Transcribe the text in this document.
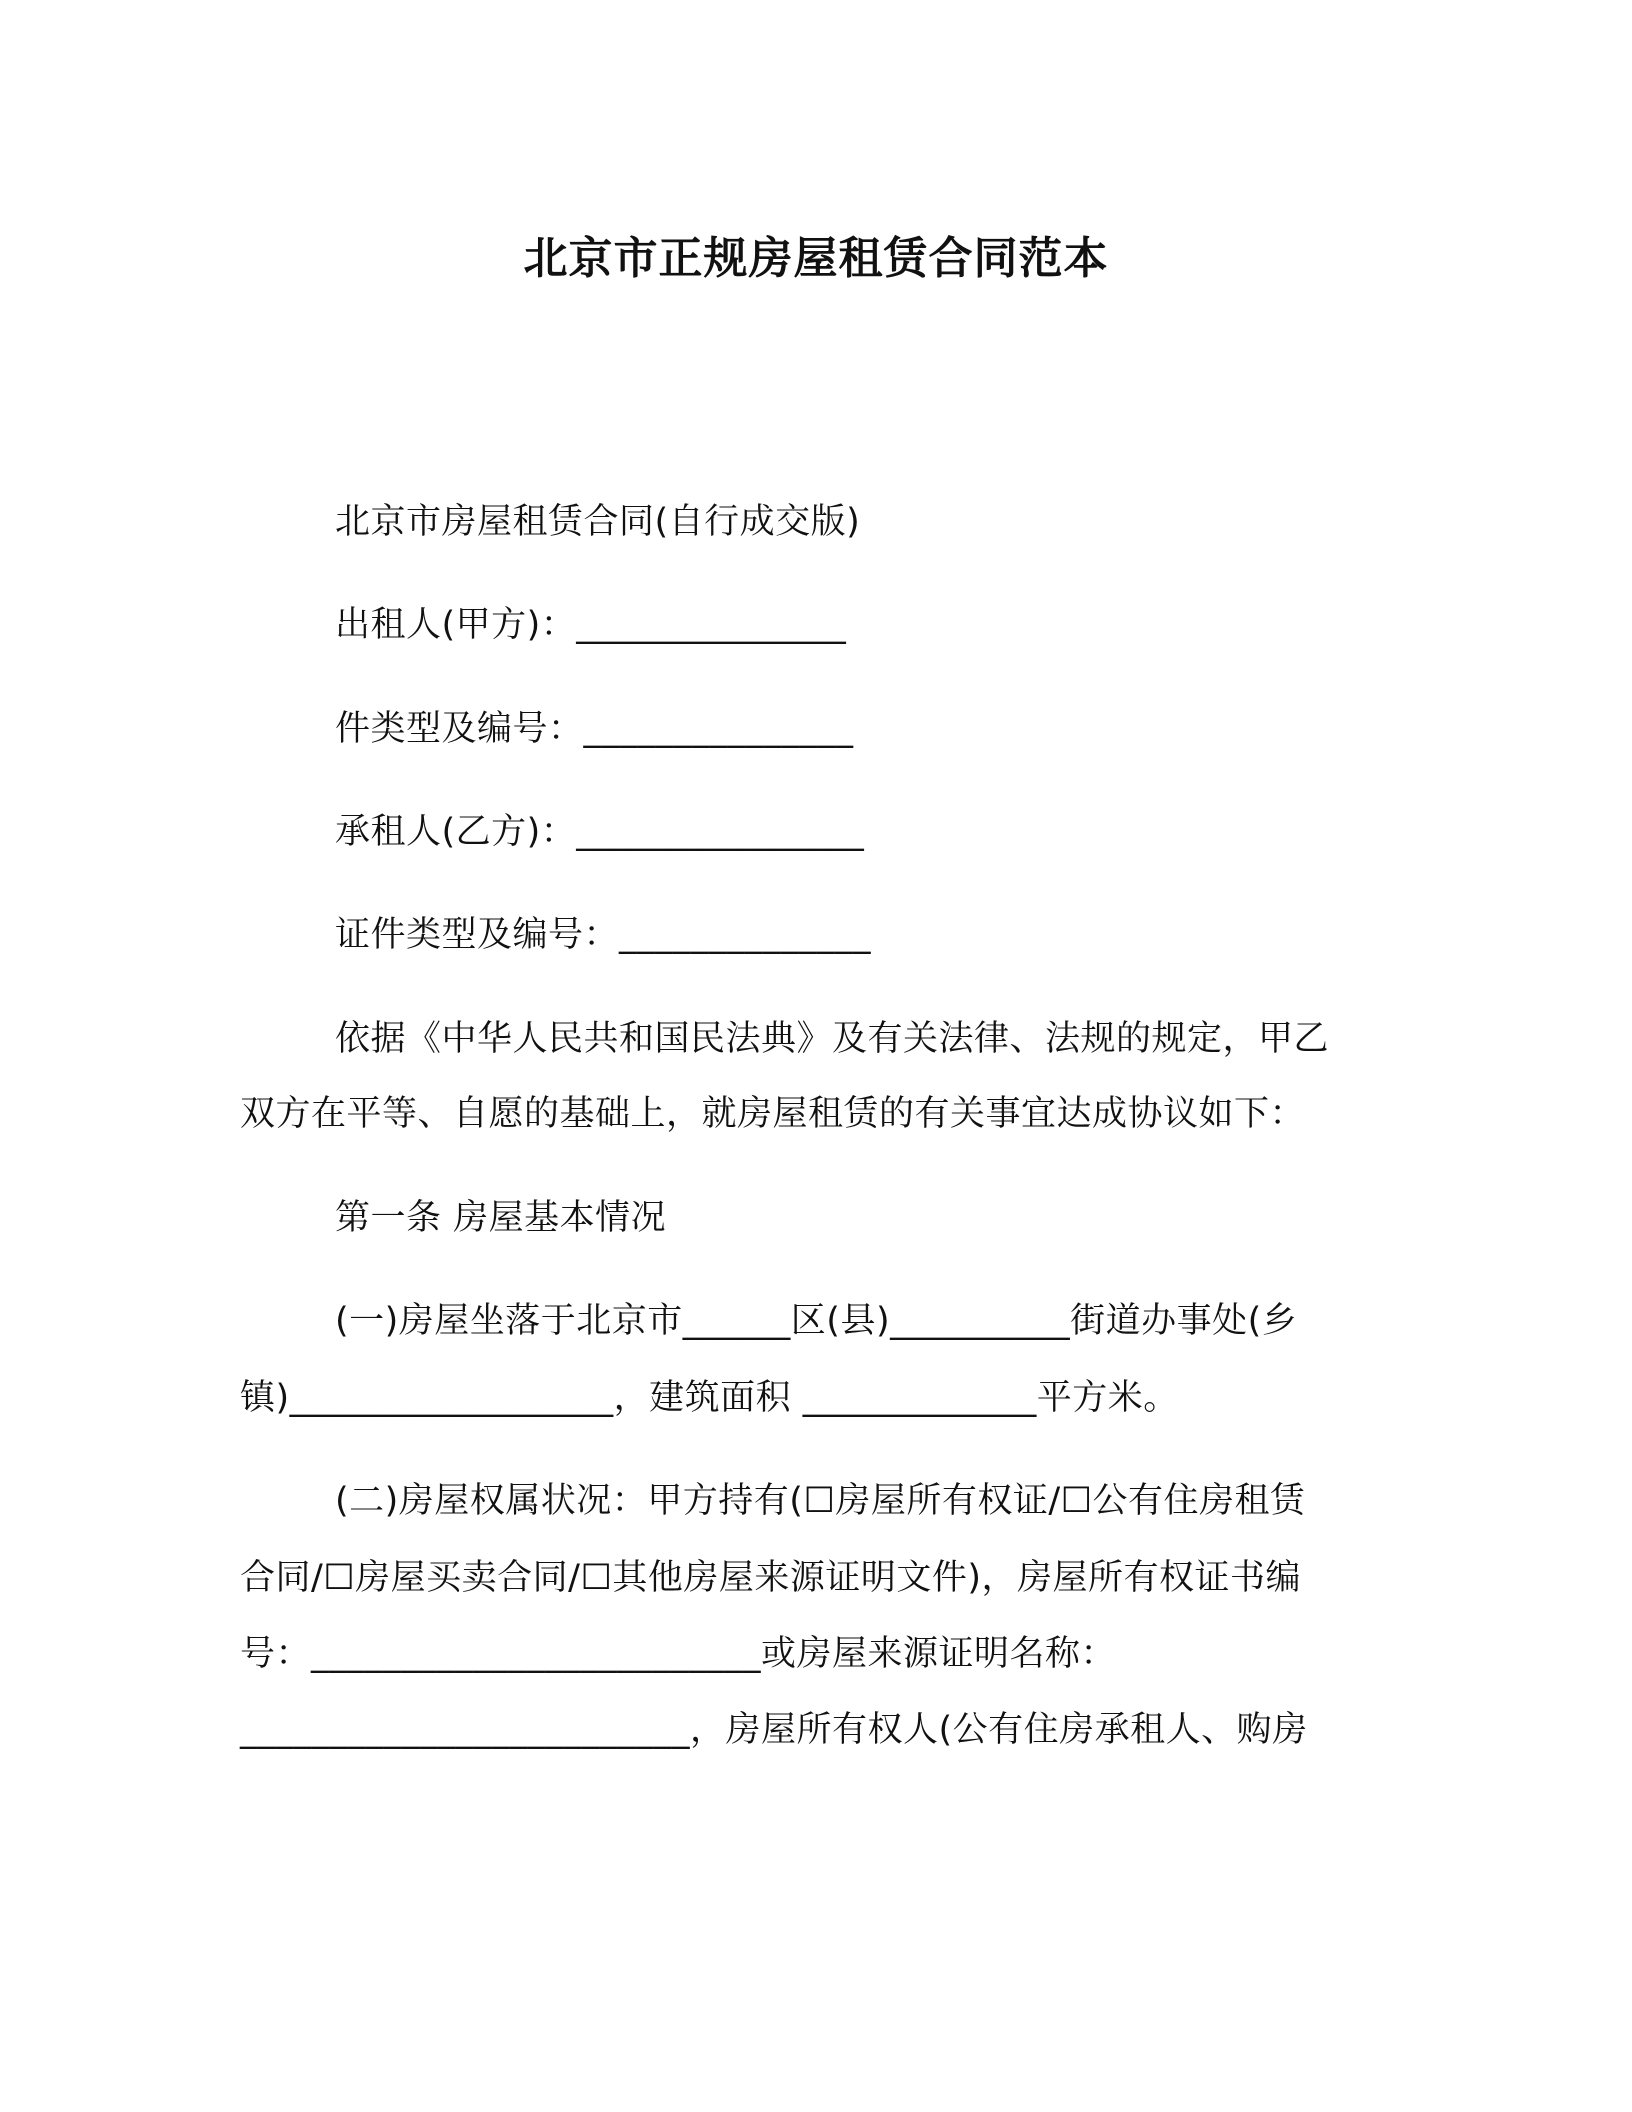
北京市正规房屋租赁合同范本
北京市房屋租赁合同(自行成交版)
出租人(甲方)：_______________
件类型及编号：_______________
承租人(乙方)：________________
证件类型及编号：______________
依据《中华人民共和国民法典》及有关法律、法规的规定，甲乙
双方在平等、自愿的基础上，就房屋租赁的有关事宜达成协议如下：
第一条 房屋基本情况
(一)房屋坐落于北京市______区(县)__________街道办事处(乡
镇)__________________，建筑面积 _____________平方米。
(二)房屋权属状况：甲方持有(☐房屋所有权证/☐公有住房租赁
合同/☐房屋买卖合同/☐其他房屋来源证明文件)，房屋所有权证书编
号：_________________________或房屋来源证明名称：
_________________________，房屋所有权人(公有住房承租人、购房
